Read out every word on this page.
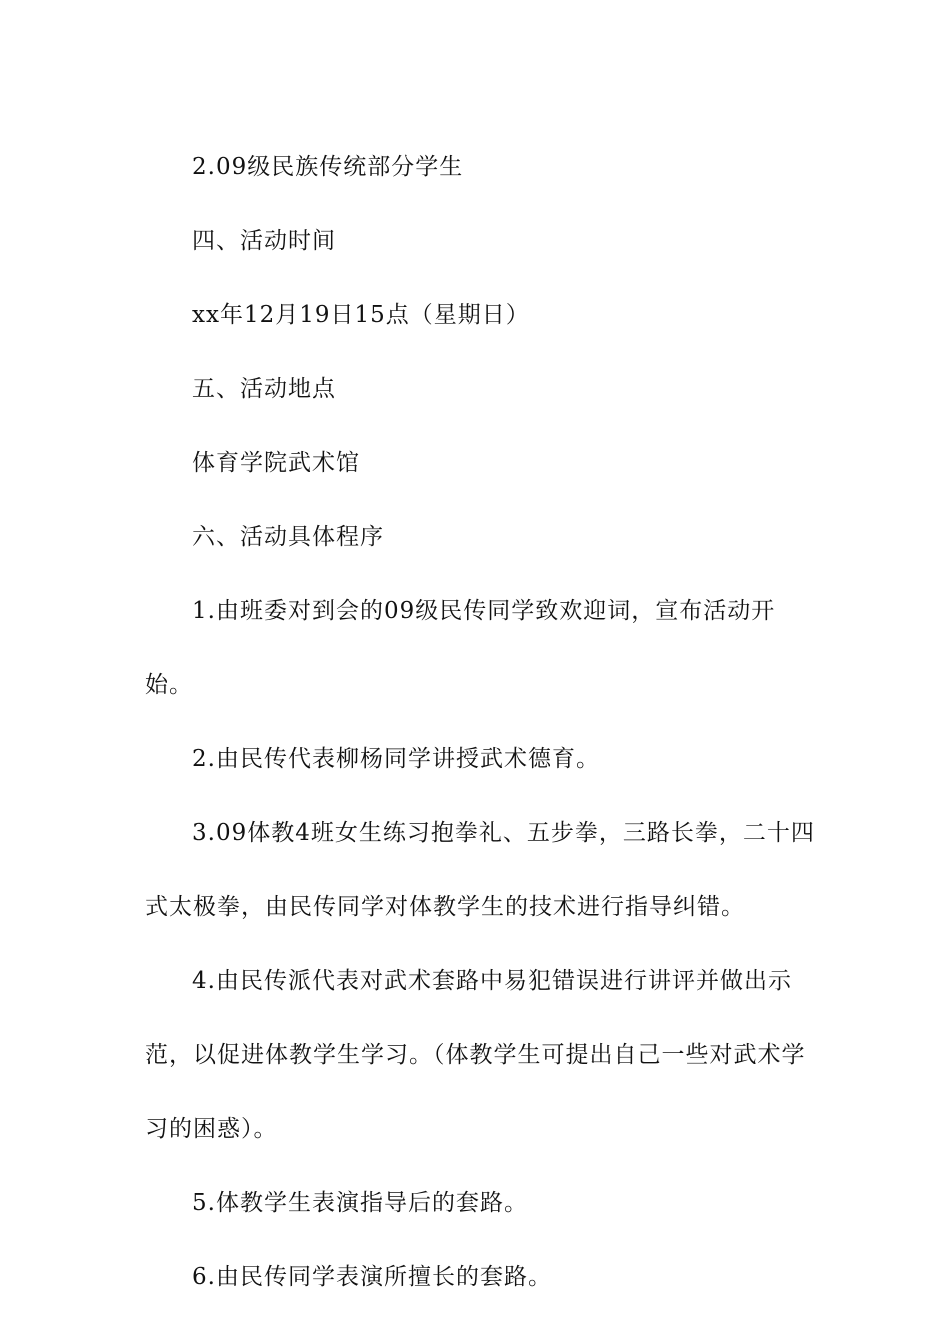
2.09级民族传统部分学生

四、活动时间

xx年12月19日15点（星期日）

五、活动地点

体育学院武术馆

六、活动具体程序

1.由班委对到会的09级民传同学致欢迎词，宣布活动开始。

2.由民传代表柳杨同学讲授武术德育。

3.09体教4班女生练习抱拳礼、五步拳，三路长拳，二十四式太极拳，由民传同学对体教学生的技术进行指导纠错。

4.由民传派代表对武术套路中易犯错误进行讲评并做出示范，以促进体教学生学习。（体教学生可提出自己一些对武术学习的困惑）。

5.体教学生表演指导后的套路。

6.由民传同学表演所擅长的套路。
